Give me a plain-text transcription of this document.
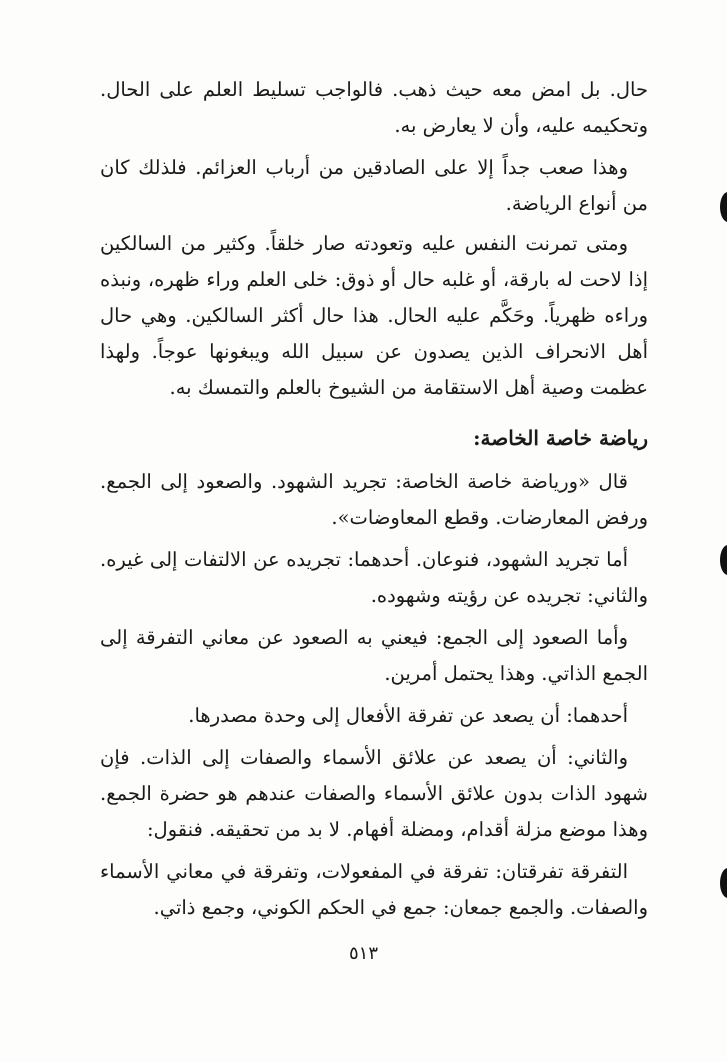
حال. بل امض معه حيث ذهب. فالواجب تسليط العلم على الحال. وتحكيمه عليه، وأن لا يعارض به.

وهذا صعب جداً إلا على الصادقين من أرباب العزائم. فلذلك كان من أنواع الرياضة.

ومتى تمرنت النفس عليه وتعودته صار خلقاً. وكثير من السالكين إذا لاحت له بارقة، أو غلبه حال أو ذوق: خلى العلم وراء ظهره، ونبذه وراءه ظهرياً. وحَكَّم عليه الحال. هذا حال أكثر السالكين. وهي حال أهل الانحراف الذين يصدون عن سبيل الله ويبغونها عوجاً. ولهذا عظمت وصية أهل الاستقامة من الشيوخ بالعلم والتمسك به.

رياضة خاصة الخاصة:

قال «ورياضة خاصة الخاصة: تجريد الشهود. والصعود إلى الجمع. ورفض المعارضات. وقطع المعاوضات».

أما تجريد الشهود، فنوعان. أحدهما: تجريده عن الالتفات إلى غيره. والثاني: تجريده عن رؤيته وشهوده.

وأما الصعود إلى الجمع: فيعني به الصعود عن معاني التفرقة إلى الجمع الذاتي. وهذا يحتمل أمرين.

أحدهما: أن يصعد عن تفرقة الأفعال إلى وحدة مصدرها.

والثاني: أن يصعد عن علائق الأسماء والصفات إلى الذات. فإن شهود الذات بدون علائق الأسماء والصفات عندهم هو حضرة الجمع. وهذا موضع مزلة أقدام، ومضلة أفهام. لا بد من تحقيقه. فنقول:

التفرقة تفرقتان: تفرقة في المفعولات، وتفرقة في معاني الأسماء والصفات. والجمع جمعان: جمع في الحكم الكوني، وجمع ذاتي.

٥١٣
